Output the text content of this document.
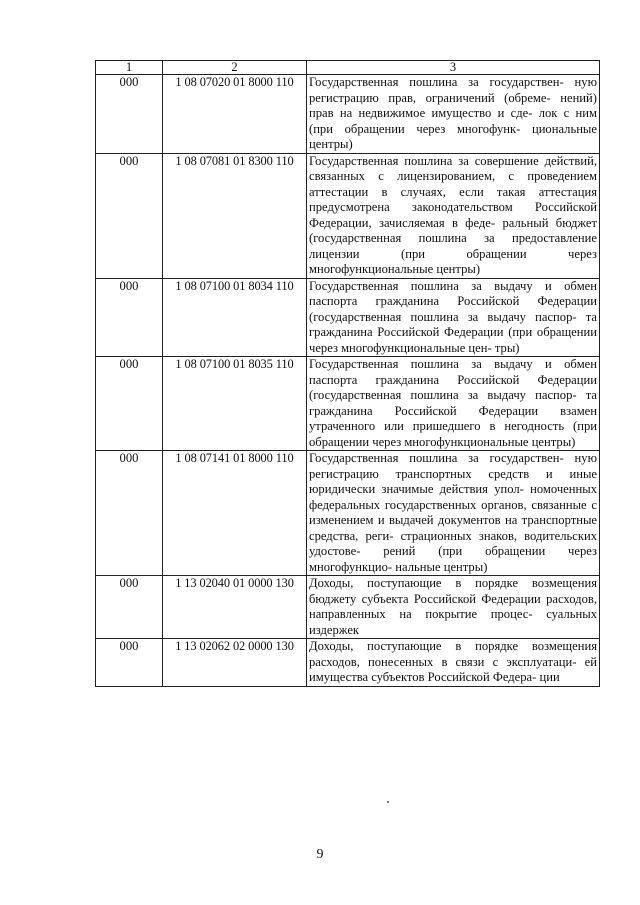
1	2	3
000	1 08 07020 01 8000 110	Государственная пошлина за государствен- ную регистрацию прав, ограничений (обреме- нений) прав на недвижимое имущество и сде- лок с ним (при обращении через многофунк- циональные центры)
000	1 08 07081 01 8300 110	Государственная пошлина за совершение действий, связанных с лицензированием, с проведением аттестации в случаях, если такая аттестация предусмотрена законодательством Российской Федерации, зачисляемая в феде- ральный бюджет (государственная пошлина за предоставление лицензии (при обращении через многофункциональные центры)
000	1 08 07100 01 8034 110	Государственная пошлина за выдачу и обмен паспорта гражданина Российской Федерации (государственная пошлина за выдачу паспор- та гражданина Российской Федерации (при обращении через многофункциональные цен- тры)
000	1 08 07100 01 8035 110	Государственная пошлина за выдачу и обмен паспорта гражданина Российской Федерации (государственная пошлина за выдачу паспор- та гражданина Российской Федерации взамен утраченного или пришедшего в негодность (при обращении через многофункциональные центры)
000	1 08 07141 01 8000 110	Государственная пошлина за государствен- ную регистрацию транспортных средств и иные юридически значимые действия упол- номоченных федеральных государственных органов, связанные с изменением и выдачей документов на транспортные средства, реги- страционных знаков, водительских удостове- рений (при обращении через многофункцио- нальные центры)
000	1 13 02040 01 0000 130	Доходы, поступающие в порядке возмещения бюджету субъекта Российской Федерации расходов, направленных на покрытие процес- суальных издержек
000	1 13 02062 02 0000 130	Доходы, поступающие в порядке возмещения расходов, понесенных в связи с эксплуатаци- ей имущества субъектов Российской Федера- ции
9
